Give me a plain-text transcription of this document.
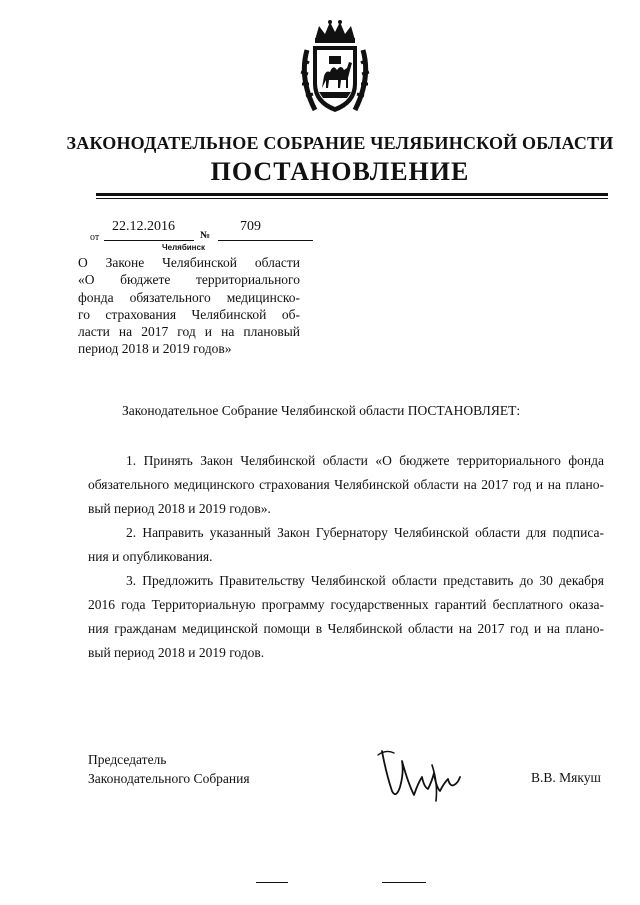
ЗАКОНОДАТЕЛЬНОЕ СОБРАНИЕ ЧЕЛЯБИНСКОЙ ОБЛАСТИ
ПОСТАНОВЛЕНИЕ
22.12.2016	709
от	№
Челябинск
О Законе Челябинской области
«О бюджете территориального
фонда обязательного медицинско-
го страхования Челябинской об-
ласти на 2017 год и на плановый
период 2018 и 2019 годов»
Законодательное Собрание Челябинской области ПОСТАНОВЛЯЕТ:
1. Принять Закон Челябинской области «О бюджете территориального фонда
обязательного медицинского страхования Челябинской области на 2017 год и на плано-
вый период 2018 и 2019 годов».
2. Направить указанный Закон Губернатору Челябинской области для подписа-
ния и опубликования.
3. Предложить Правительству Челябинской области представить до 30 декабря
2016 года Территориальную программу государственных гарантий бесплатного оказа-
ния гражданам медицинской помощи в Челябинской области на 2017 год и на плано-
вый период 2018 и 2019 годов.
Председатель
Законодательного Собрания	В.В. Мякуш
